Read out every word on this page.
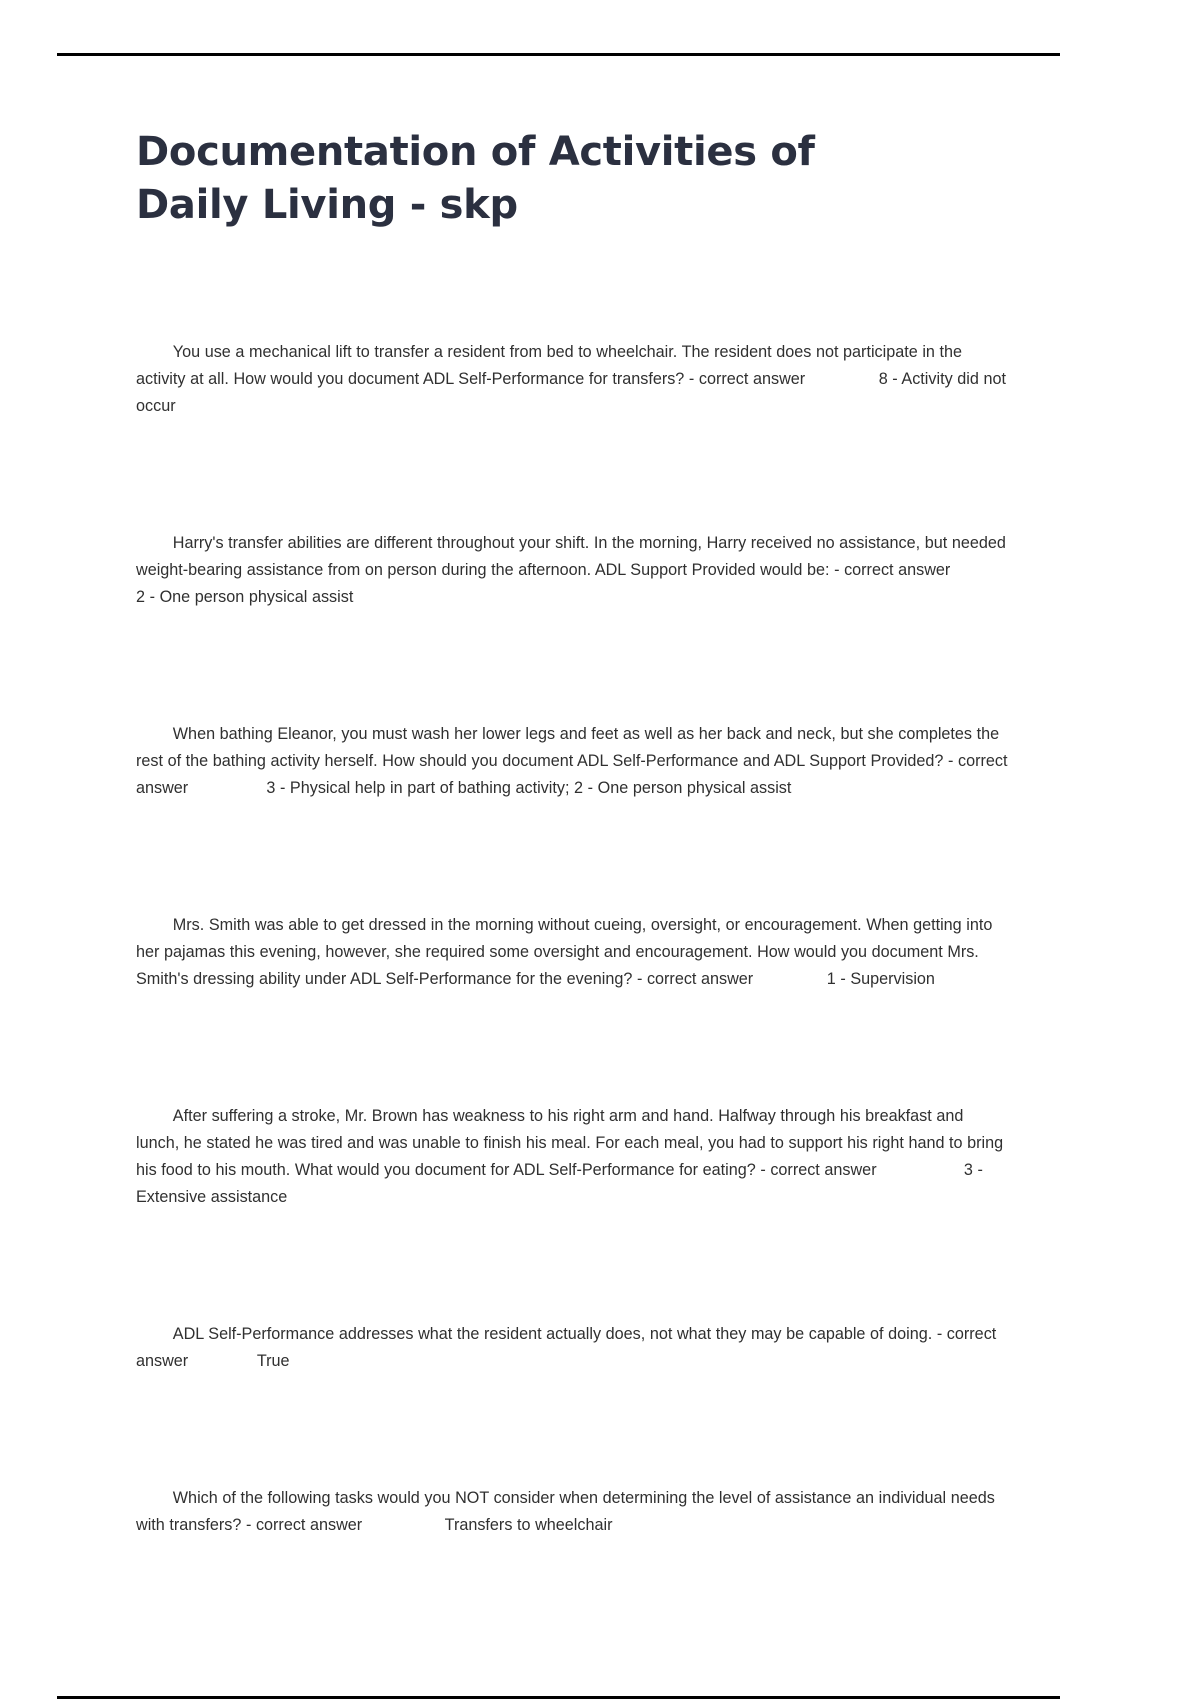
Documentation of Activities of Daily Living - skp

You use a mechanical lift to transfer a resident from bed to wheelchair. The resident does not participate in the activity at all. How would you document ADL Self-Performance for transfers? - correct answer                8 - Activity did not occur

Harry's transfer abilities are different throughout your shift. In the morning, Harry received no assistance, but needed weight-bearing assistance from on person during the afternoon. ADL Support Provided would be: - correct answer                    2 - One person physical assist

When bathing Eleanor, you must wash her lower legs and feet as well as her back and neck, but she completes the rest of the bathing activity herself. How should you document ADL Self-Performance and ADL Support Provided? - correct answer                 3 - Physical help in part of bathing activity; 2 - One person physical assist

Mrs. Smith was able to get dressed in the morning without cueing, oversight, or encouragement. When getting into her pajamas this evening, however, she required some oversight and encouragement. How would you document Mrs. Smith's dressing ability under ADL Self-Performance for the evening? - correct answer                1 - Supervision

After suffering a stroke, Mr. Brown has weakness to his right arm and hand. Halfway through his breakfast and lunch, he stated he was tired and was unable to finish his meal. For each meal, you had to support his right hand to bring his food to his mouth. What would you document for ADL Self-Performance for eating? - correct answer                   3 - Extensive assistance

ADL Self-Performance addresses what the resident actually does, not what they may be capable of doing. - correct answer               True

Which of the following tasks would you NOT consider when determining the level of assistance an individual needs with transfers? - correct answer                  Transfers to wheelchair
